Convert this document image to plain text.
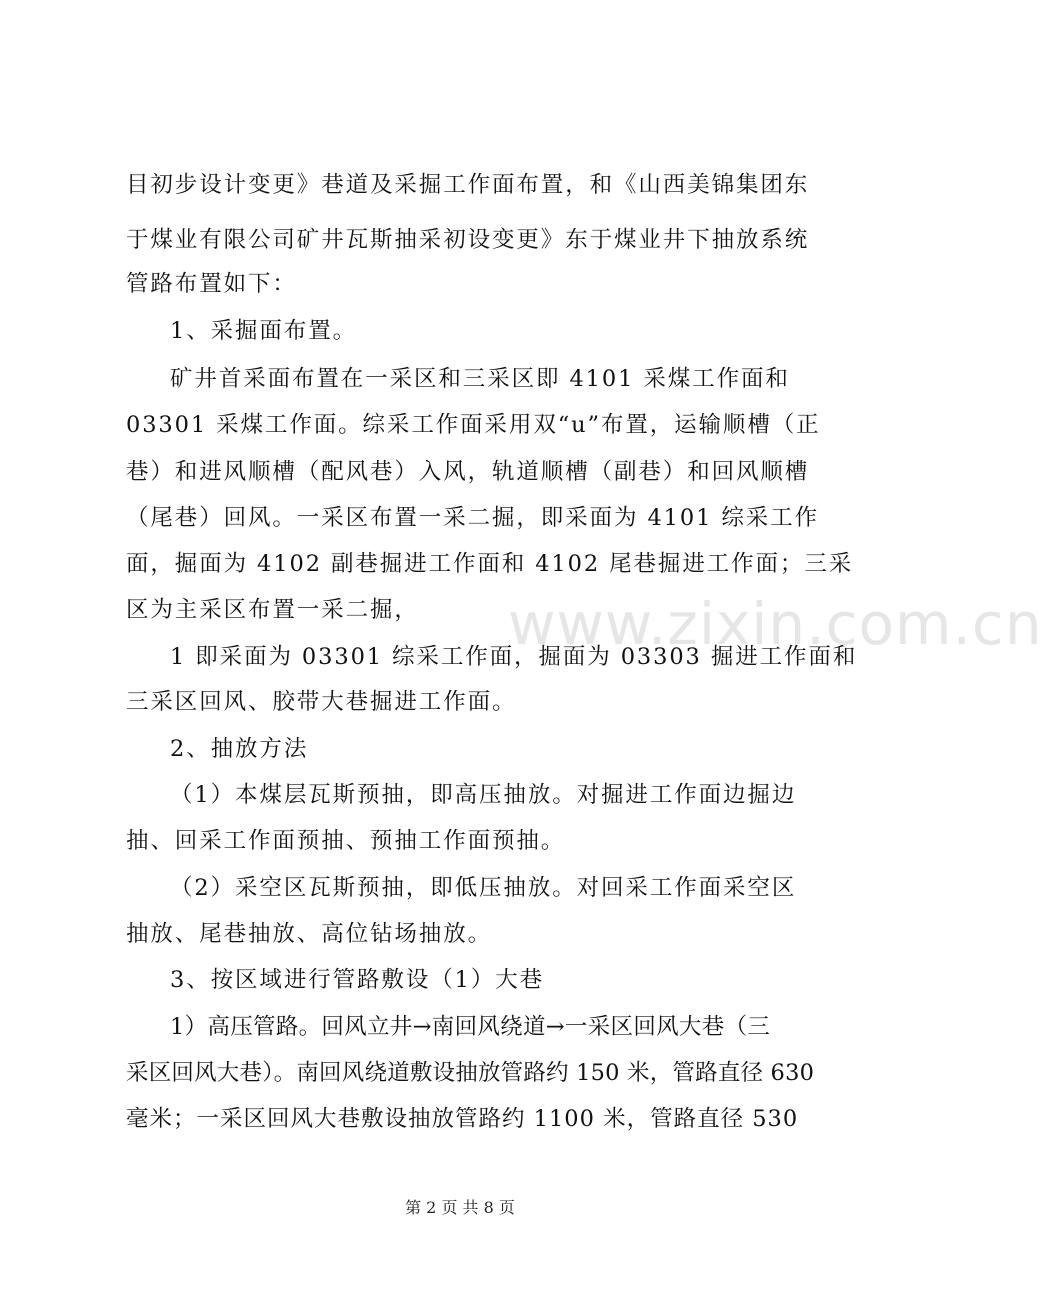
www.zixin.com.cn
目初步设计变更》巷道及采掘工作面布置，和《山西美锦集团东
于煤业有限公司矿井瓦斯抽采初设变更》东于煤业井下抽放系统
管路布置如下：
1、采掘面布置。
矿井首采面布置在一采区和三采区即 4101 采煤工作面和
03301 采煤工作面。综采工作面采用双“u”布置，运输顺槽（正
巷）和进风顺槽（配风巷）入风，轨道顺槽（副巷）和回风顺槽
（尾巷）回风。一采区布置一采二掘，即采面为 4101 综采工作
面，掘面为 4102 副巷掘进工作面和 4102 尾巷掘进工作面；三采
区为主采区布置一采二掘，
1 即采面为 03301 综采工作面，掘面为 03303 掘进工作面和
三采区回风、胶带大巷掘进工作面。
2、抽放方法
（1）本煤层瓦斯预抽，即高压抽放。对掘进工作面边掘边
抽、回采工作面预抽、预抽工作面预抽。
（2）采空区瓦斯预抽，即低压抽放。对回采工作面采空区
抽放、尾巷抽放、高位钻场抽放。
3、按区域进行管路敷设（1）大巷
1）高压管路。回风立井→南回风绕道→一采区回风大巷（三
采区回风大巷）。南回风绕道敷设抽放管路约 150 米，管路直径 630
毫米；一采区回风大巷敷设抽放管路约 1100 米，管路直径 530
第 2 页 共 8 页
